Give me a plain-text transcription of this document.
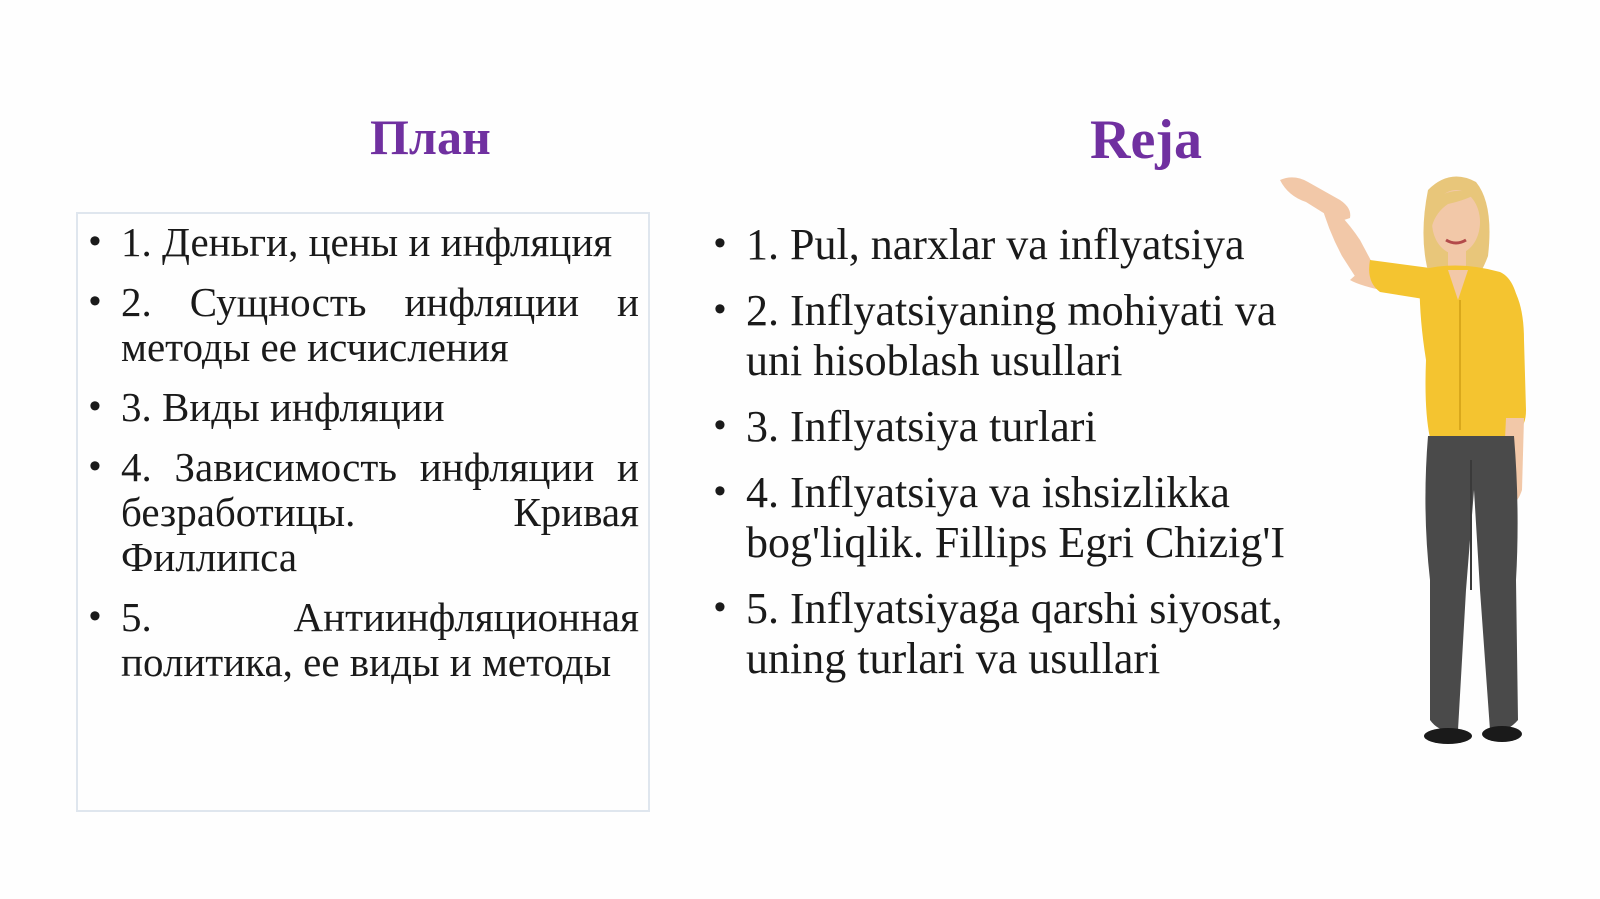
План	Reja
• 1. Деньги, цены и инфляция
• 2. Сущность инфляции и методы ее исчисления
• 3. Виды инфляции
• 4. Зависимость инфляции и безработицы. Кривая Филлипса
• 5. Антиинфляционная политика, ее виды и методы
• 1. Pul, narxlar va inflyatsiya
• 2. Inflyatsiyaning mohiyati va uni hisoblash usullari
• 3. Inflyatsiya turlari
• 4. Inflyatsiya va ishsizlikka bog'liqlik. Fillips Egri Chizig'I
• 5. Inflyatsiyaga qarshi siyosat, uning turlari va usullari
